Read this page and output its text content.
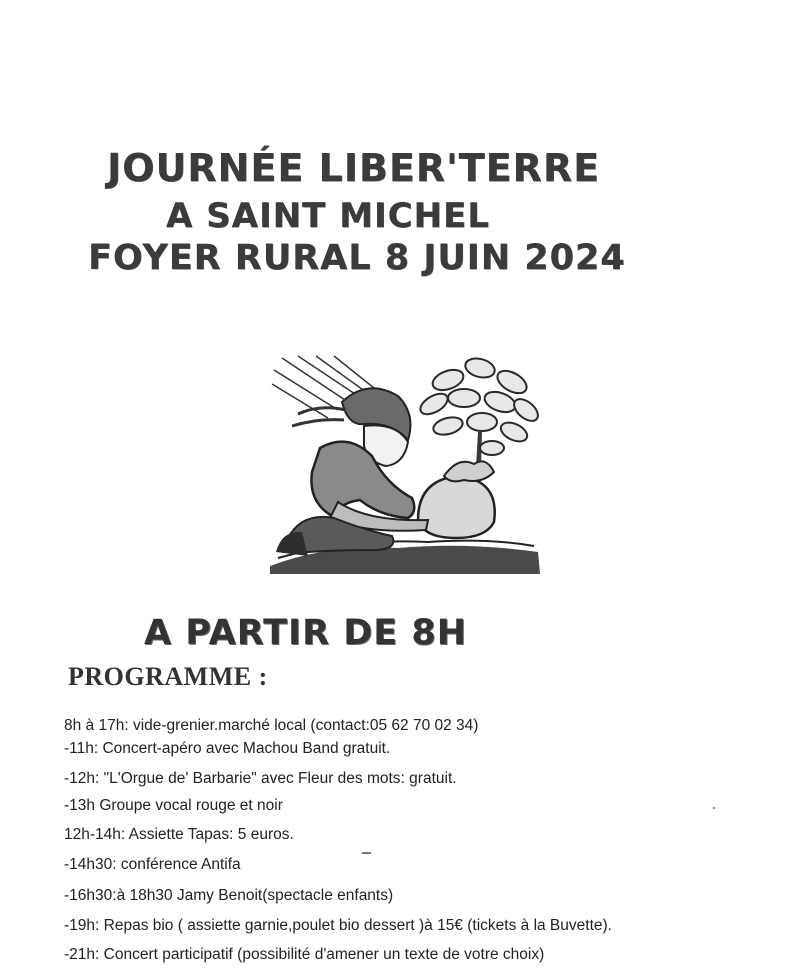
JOURNÉE LIBER'TERRE
A SAINT MICHEL
FOYER RURAL 8 JUIN 2024
A PARTIR DE 8H
PROGRAMME :
8h à 17h: vide-grenier.marché local (contact:05 62 70 02 34)
-11h: Concert-apéro avec Machou Band gratuit.
-12h: "L'Orgue de' Barbarie" avec Fleur des mots: gratuit.
-13h Groupe vocal rouge et noir
12h-14h: Assiette Tapas: 5 euros.
-14h30: conférence Antifa
-16h30:à 18h30 Jamy Benoit(spectacle enfants)
-19h: Repas bio ( assiette garnie,poulet bio dessert )à 15€ (tickets à la Buvette).
-21h: Concert participatif (possibilité d'amener un texte de votre choix)
